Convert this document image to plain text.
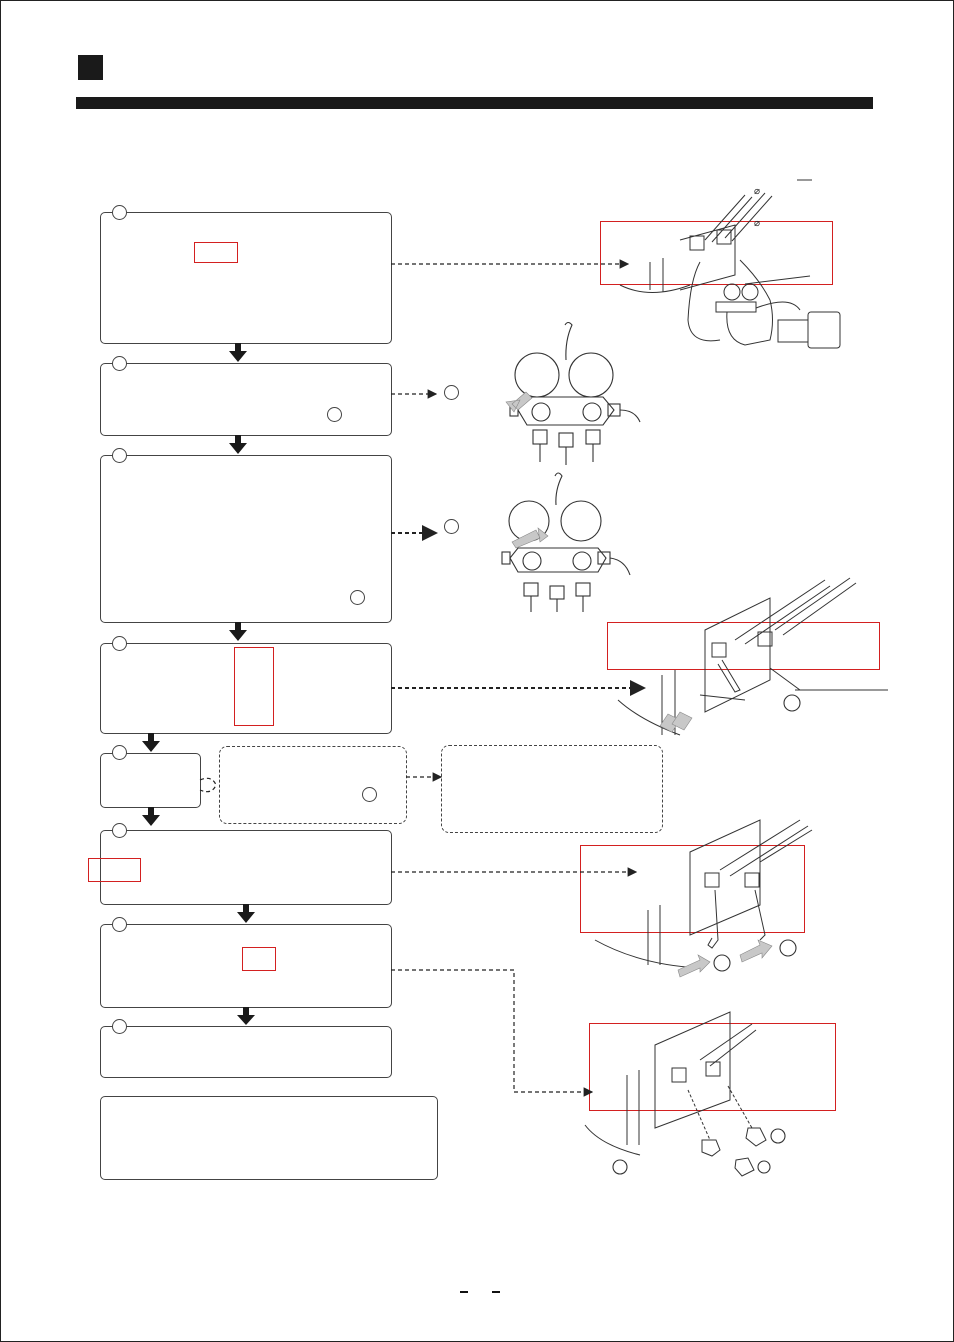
⌀
⌀
